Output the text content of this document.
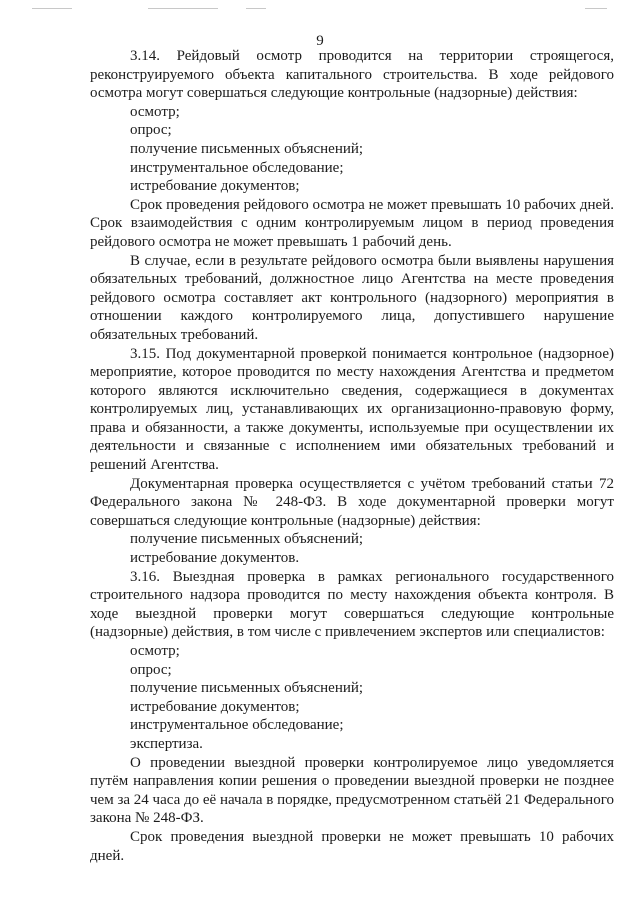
9

3.14. Рейдовый осмотр проводится на территории строящегося, реконструируемого объекта капитального строительства. В ходе рейдового осмотра могут совершаться следующие контрольные (надзорные) действия:

осмотр;

опрос;

получение письменных объяснений;

инструментальное обследование;

истребование документов;

Срок проведения рейдового осмотра не может превышать 10 рабочих дней. Срок взаимодействия с одним контролируемым лицом в период проведения рейдового осмотра не может превышать 1 рабочий день.

В случае, если в результате рейдового осмотра были выявлены нарушения обязательных требований, должностное лицо Агентства на месте проведения рейдового осмотра составляет акт контрольного (надзорного) мероприятия в отношении каждого контролируемого лица, допустившего нарушение обязательных требований.

3.15. Под документарной проверкой понимается контрольное (надзорное) мероприятие, которое проводится по месту нахождения Агентства и предметом которого являются исключительно сведения, содержащиеся в документах контролируемых лиц, устанавливающих их организационно-правовую форму, права и обязанности, а также документы, используемые при осуществлении их деятельности и связанные с исполнением ими обязательных требований и решений Агентства.

Документарная проверка осуществляется с учётом требований статьи 72 Федерального закона № 248-ФЗ. В ходе документарной проверки могут совершаться следующие контрольные (надзорные) действия:

получение письменных объяснений;

истребование документов.

3.16. Выездная проверка в рамках регионального государственного строительного надзора проводится по месту нахождения объекта контроля. В ходе выездной проверки могут совершаться следующие контрольные (надзорные) действия, в том числе с привлечением экспертов или специалистов:

осмотр;

опрос;

получение письменных объяснений;

истребование документов;

инструментальное обследование;

экспертиза.

О проведении выездной проверки контролируемое лицо уведомляется путём направления копии решения о проведении выездной проверки не позднее чем за 24 часа до её начала в порядке, предусмотренном статьёй 21 Федерального закона № 248-ФЗ.

Срок проведения выездной проверки не может превышать 10 рабочих дней.
